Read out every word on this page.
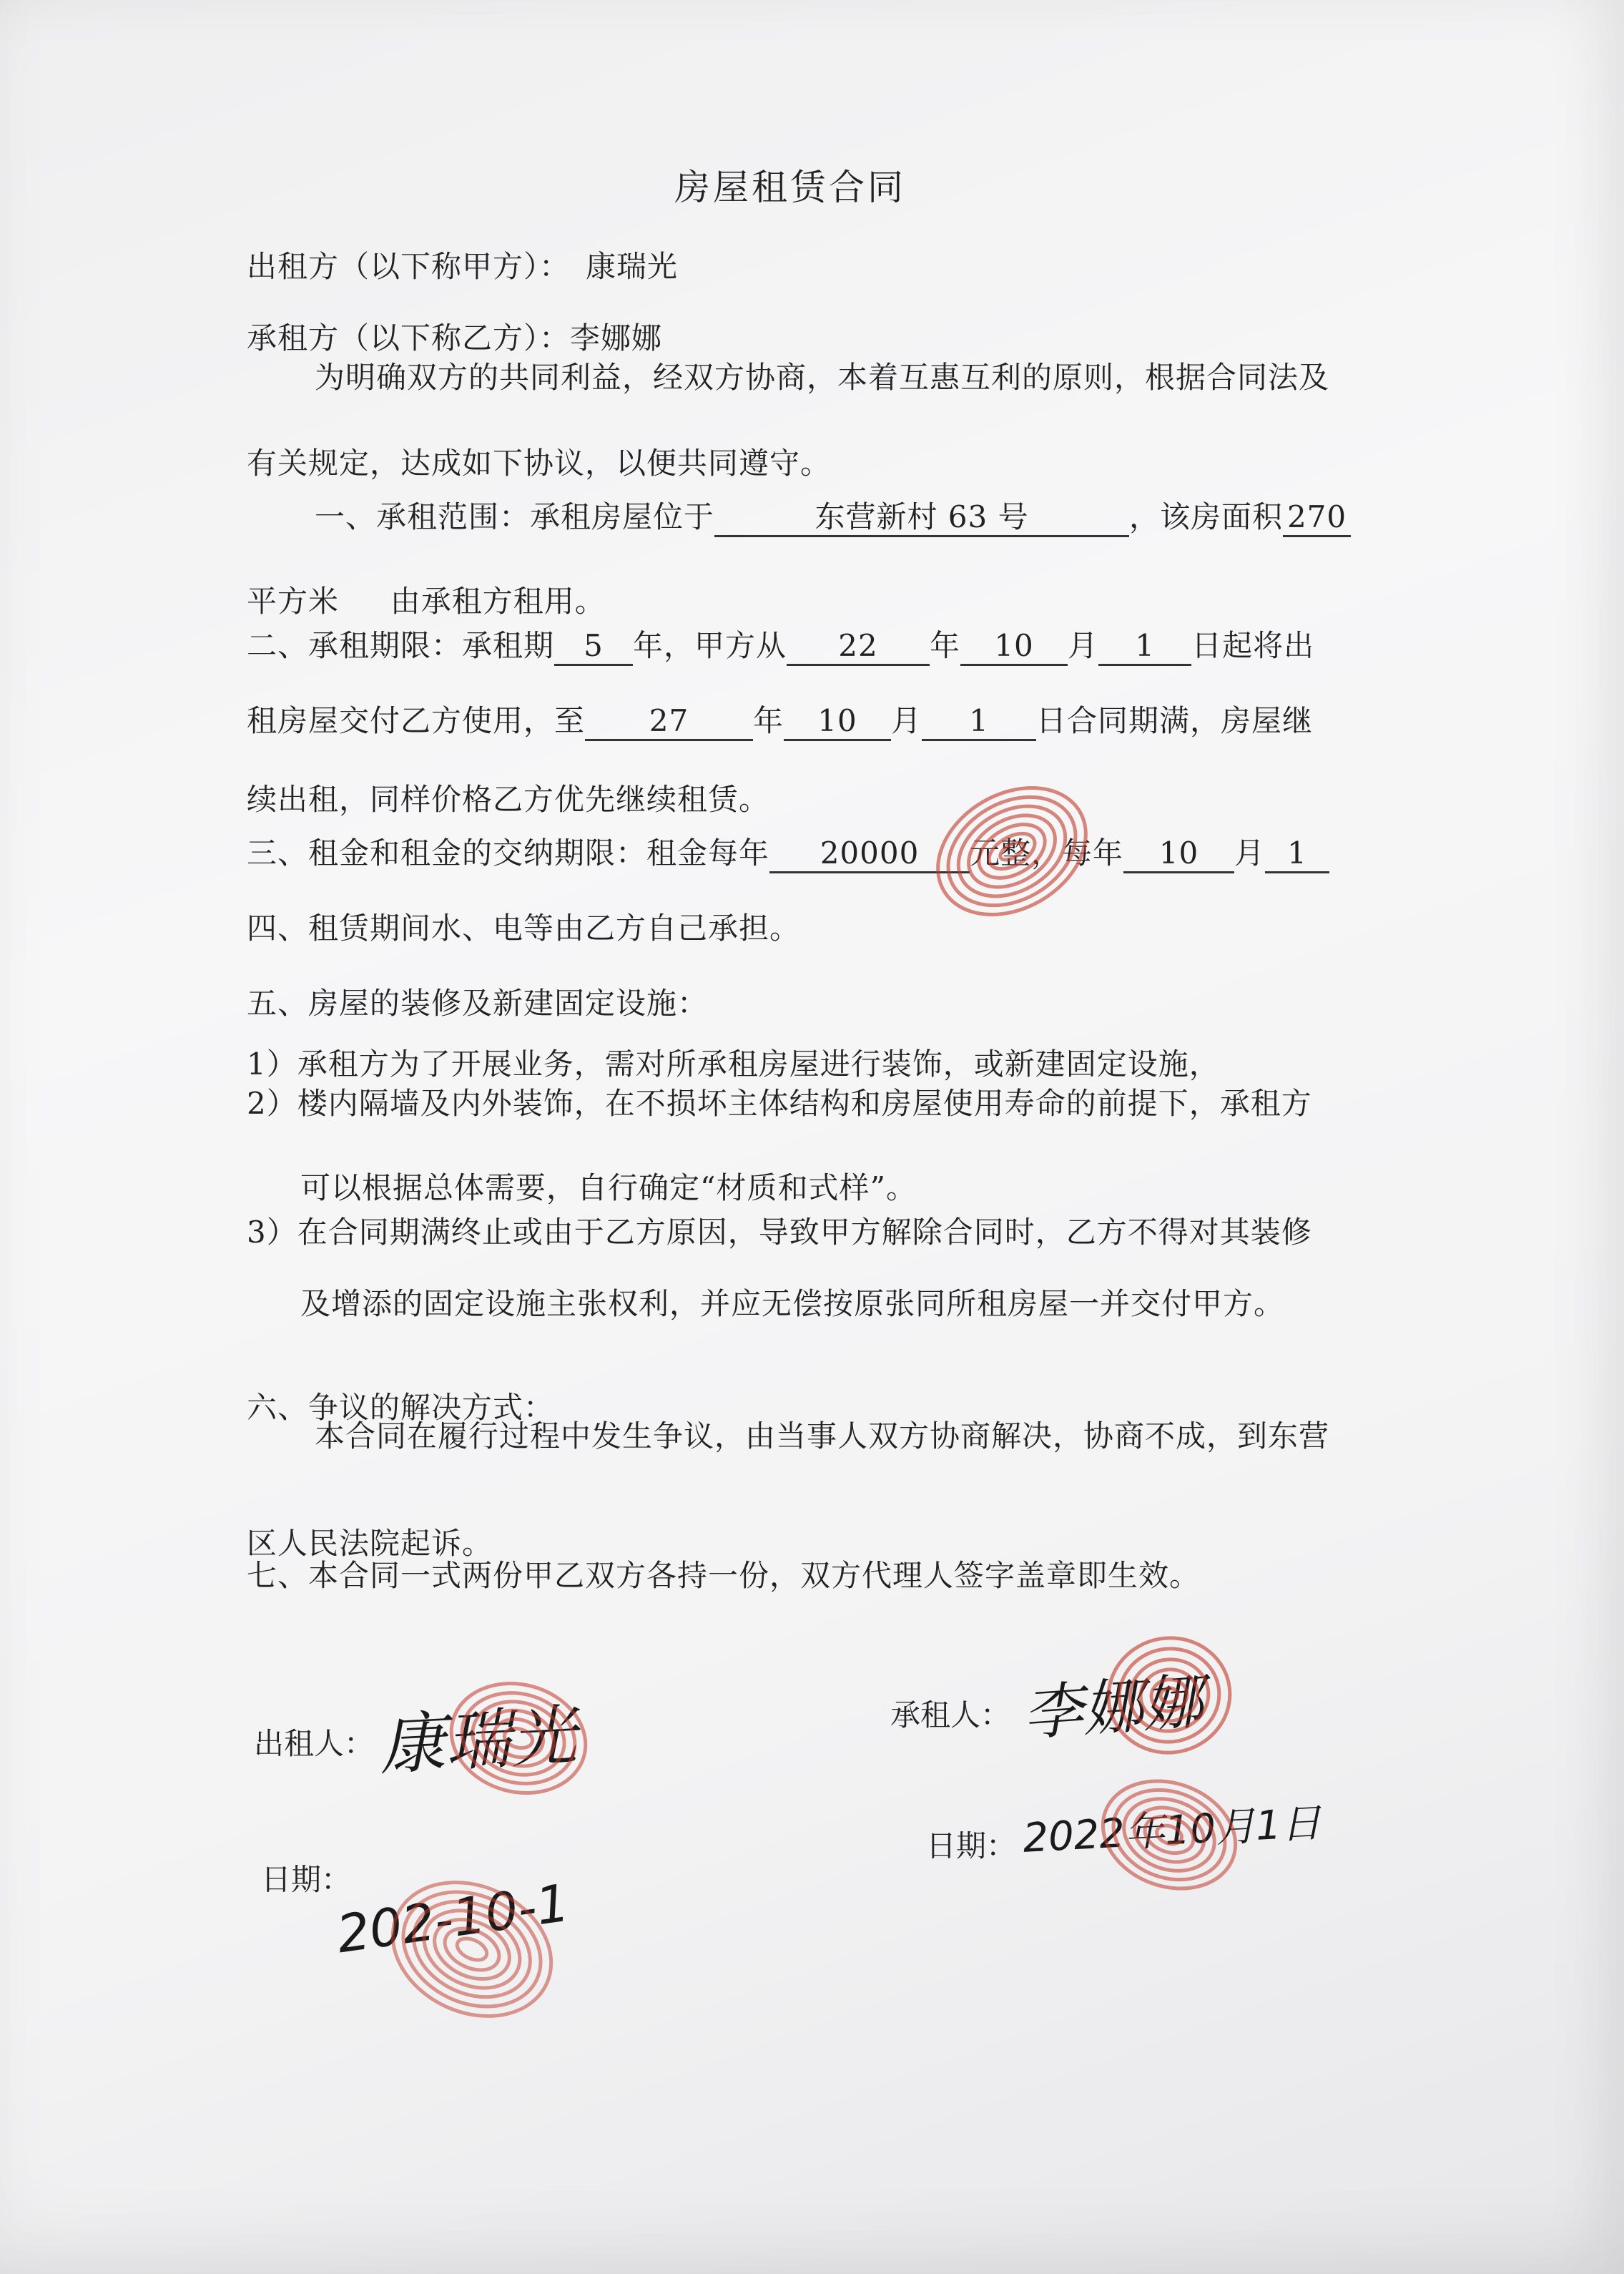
房屋租赁合同
出租方（以下称甲方）： 康瑞光
承租方（以下称乙方）：李娜娜
为明确双方的共同利益，经双方协商，本着互惠互利的原则，根据合同法及
有关规定，达成如下协议，以便共同遵守。
一、承租范围：承租房屋位于	东营新村 63 号	，该房面积 270
平方米     由承租方租用。
二、承租期限：承租期 5 年，甲方从 22 年 10 月 1 日起将出
租房屋交付乙方使用，至 27 年 10 月 1 日合同期满，房屋继
续出租，同样价格乙方优先继续租赁。
三、租金和租金的交纳期限：租金每年 20000 元整，每年 10 月 1
四、租赁期间水、电等由乙方自己承担。
五、房屋的装修及新建固定设施：
1）承租方为了开展业务，需对所承租房屋进行装饰，或新建固定设施，
2）楼内隔墙及内外装饰，在不损坏主体结构和房屋使用寿命的前提下，承租方
可以根据总体需要，自行确定“材质和式样”。
3）在合同期满终止或由于乙方原因，导致甲方解除合同时，乙方不得对其装修
及增添的固定设施主张权利，并应无偿按原张同所租房屋一并交付甲方。
六、争议的解决方式：
本合同在履行过程中发生争议，由当事人双方协商解决，协商不成，到东营
区人民法院起诉。
七、本合同一式两份甲乙双方各持一份，双方代理人签字盖章即生效。
出租人： 康瑞光	承租人： 李娜娜
日期：
202-10-1
日期： 2022年10月1日
